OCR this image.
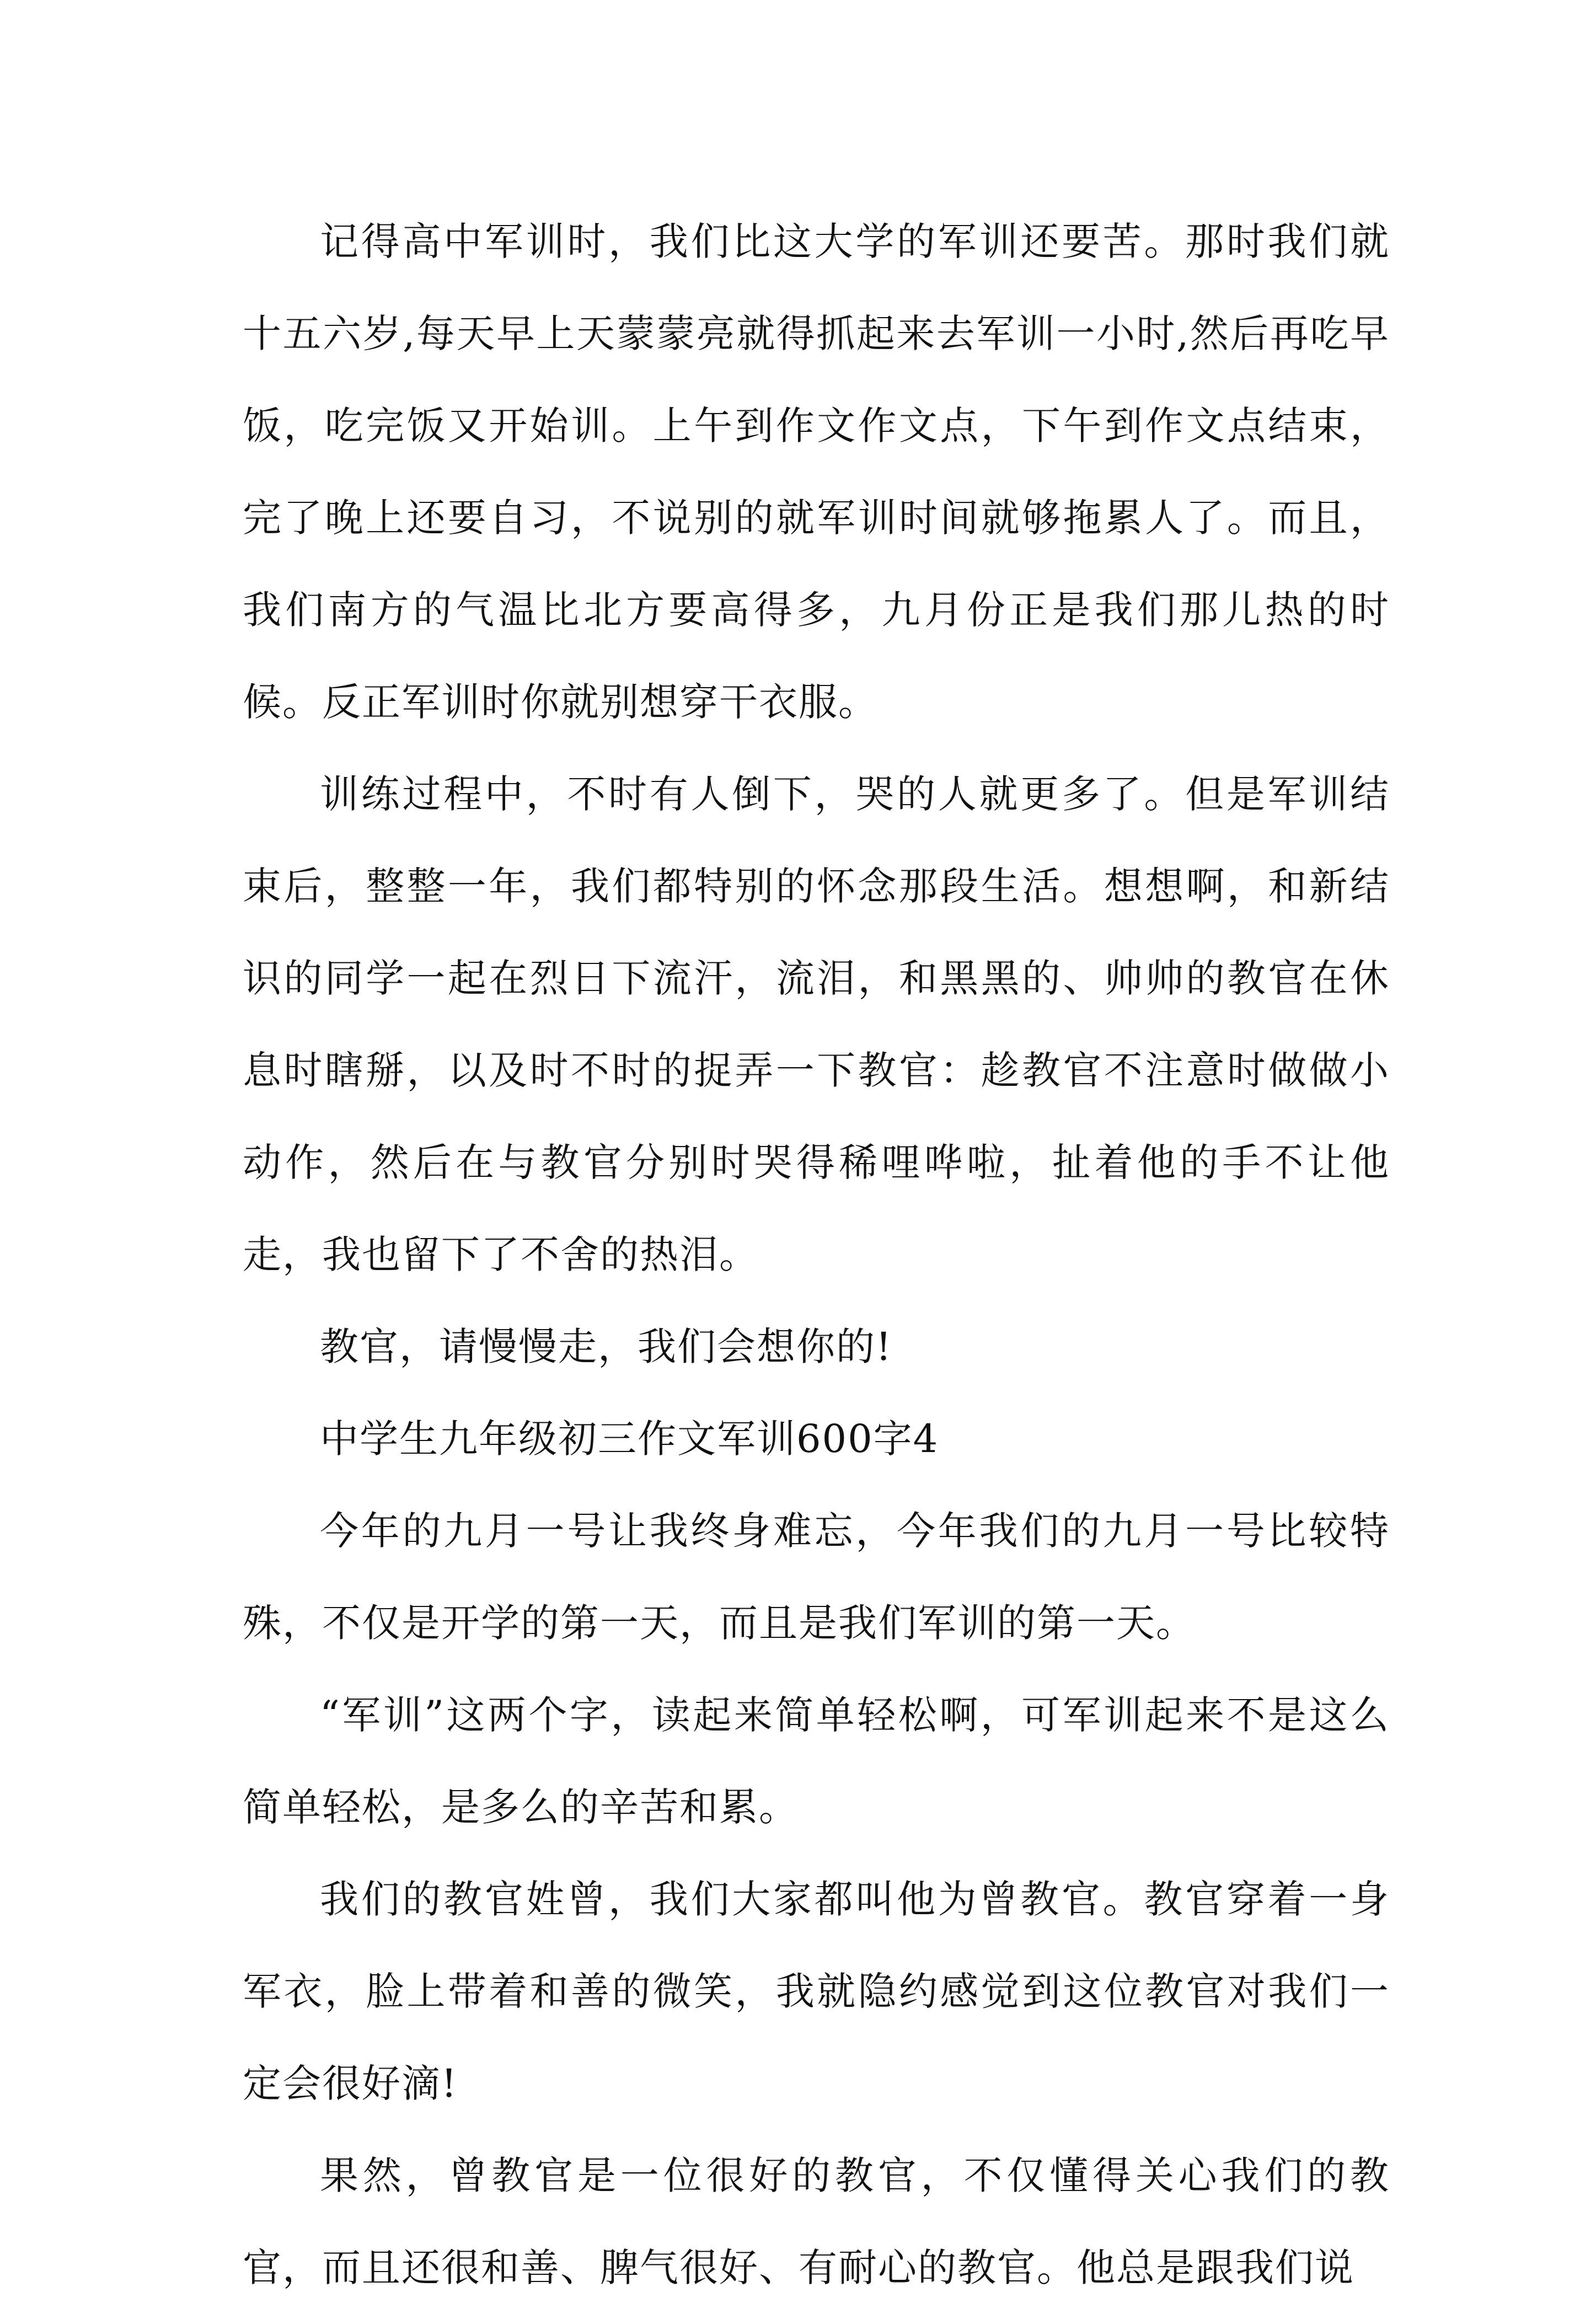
记得高中军训时，我们比这大学的军训还要苦。那时我们就十五六岁,每天早上天蒙蒙亮就得抓起来去军训一小时,然后再吃早饭，吃完饭又开始训。上午到作文作文点，下午到作文点结束，完了晚上还要自习，不说别的就军训时间就够拖累人了。而且，我们南方的气温比北方要高得多，九月份正是我们那儿热的时候。反正军训时你就别想穿干衣服。

训练过程中，不时有人倒下，哭的人就更多了。但是军训结束后，整整一年，我们都特别的怀念那段生活。想想啊，和新结识的同学一起在烈日下流汗，流泪，和黑黑的、帅帅的教官在休息时瞎掰，以及时不时的捉弄一下教官：趁教官不注意时做做小动作，然后在与教官分别时哭得稀哩哗啦，扯着他的手不让他走，我也留下了不舍的热泪。

教官，请慢慢走，我们会想你的!

中学生九年级初三作文军训600字4

今年的九月一号让我终身难忘，今年我们的九月一号比较特殊，不仅是开学的第一天，而且是我们军训的第一天。

“军训”这两个字，读起来简单轻松啊，可军训起来不是这么简单轻松，是多么的辛苦和累。

我们的教官姓曾，我们大家都叫他为曾教官。教官穿着一身军衣，脸上带着和善的微笑，我就隐约感觉到这位教官对我们一定会很好滴!

果然，曾教官是一位很好的教官，不仅懂得关心我们的教官，而且还很和善、脾气很好、有耐心的教官。他总是跟我们说
